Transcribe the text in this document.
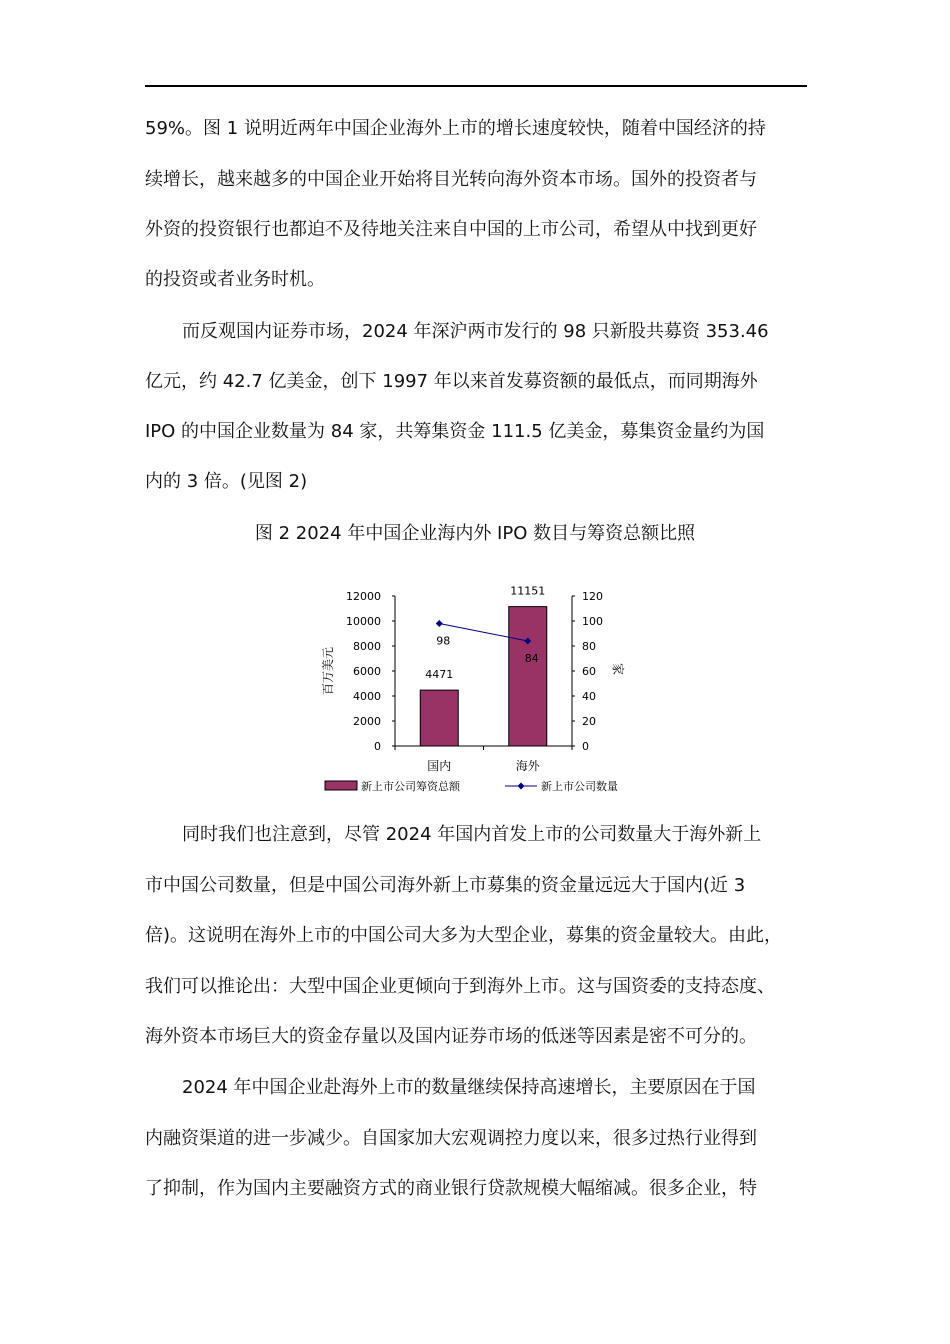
59%。图 1 说明近两年中国企业海外上市的增长速度较快，随着中国经济的持
续增长，越来越多的中国企业开始将目光转向海外资本市场。国外的投资者与
外资的投资银行也都迫不及待地关注来自中国的上市公司，希望从中找到更好
的投资或者业务时机。
而反观国内证券市场，2024 年深沪两市发行的 98 只新股共募资 353.46
亿元，约 42.7 亿美金，创下 1997 年以来首发募资额的最低点，而同期海外
IPO 的中国企业数量为 84 家，共筹集资金 111.5 亿美金，募集资金量约为国
内的 3 倍。(见图 2)
图 2 2024 年中国企业海内外 IPO 数目与筹资总额比照
0
2000
4000
6000
8000
10000
12000
0
20
40
60
80
100
120
国内	海外
百万美元	家
4471
11151
98
84
新上市公司筹资总额	新上市公司数量
同时我们也注意到，尽管 2024 年国内首发上市的公司数量大于海外新上
市中国公司数量，但是中国公司海外新上市募集的资金量远远大于国内(近 3
倍)。这说明在海外上市的中国公司大多为大型企业，募集的资金量较大。由此，
我们可以推论出：大型中国企业更倾向于到海外上市。这与国资委的支持态度、
海外资本市场巨大的资金存量以及国内证券市场的低迷等因素是密不可分的。
2024 年中国企业赴海外上市的数量继续保持高速增长，主要原因在于国
内融资渠道的进一步减少。自国家加大宏观调控力度以来，很多过热行业得到
了抑制，作为国内主要融资方式的商业银行贷款规模大幅缩减。很多企业，特
